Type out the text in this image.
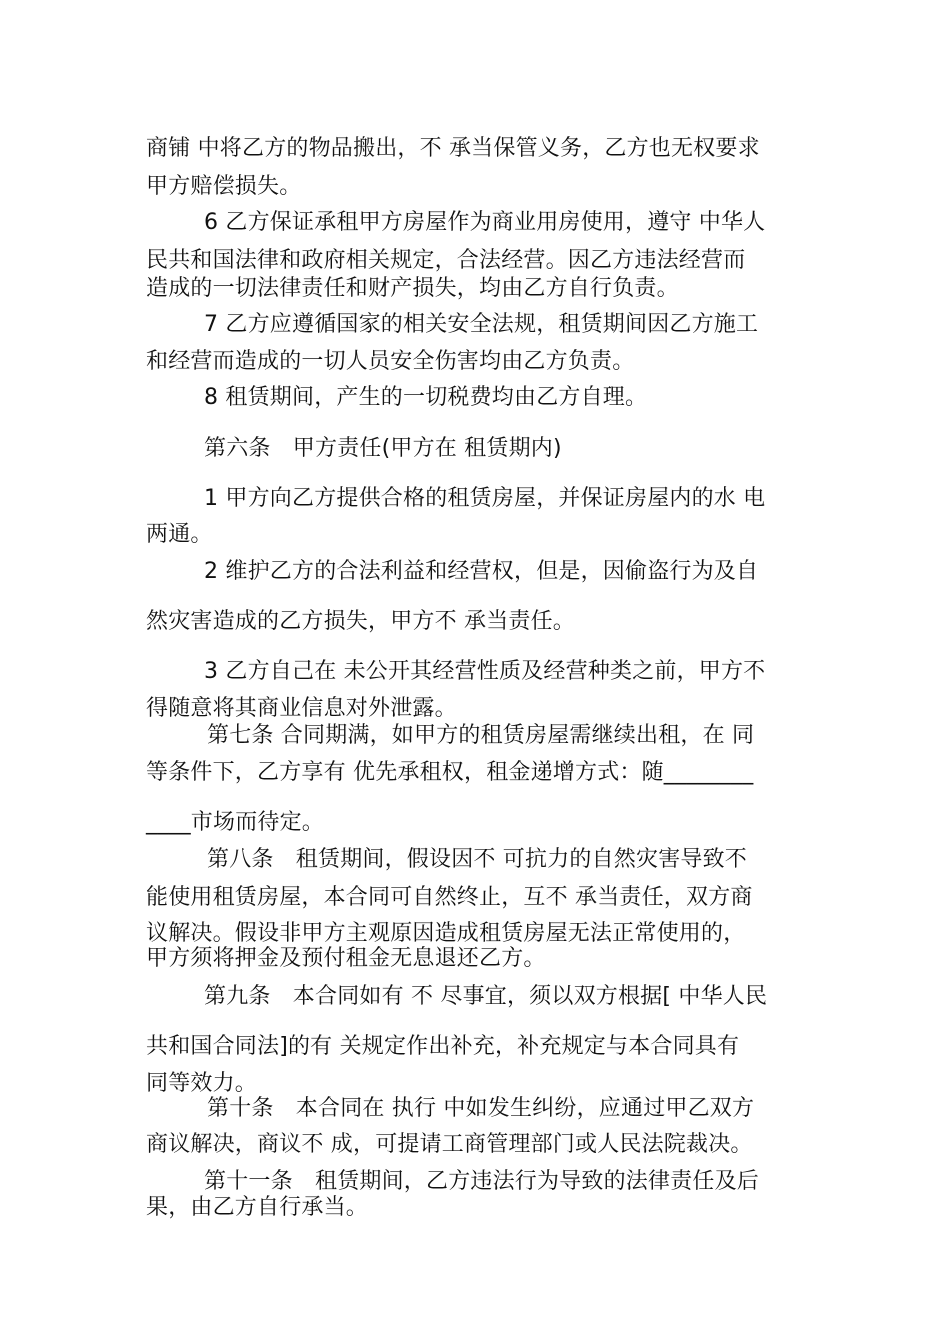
商铺 中将乙方的物品搬出，不 承当保管义务，乙方也无权要求
甲方赔偿损失。
6 乙方保证承租甲方房屋作为商业用房使用，遵守 中华人
民共和国法律和政府相关规定，合法经营。因乙方违法经营而
造成的一切法律责任和财产损失，均由乙方自行负责。
7 乙方应遵循国家的相关安全法规，租赁期间因乙方施工
和经营而造成的一切人员安全伤害均由乙方负责。
8 租赁期间，产生的一切税费均由乙方自理。
第六条　甲方责任(甲方在 租赁期内)
1 甲方向乙方提供合格的租赁房屋，并保证房屋内的水 电
两通。
2 维护乙方的合法利益和经营权，但是，因偷盗行为及自
然灾害造成的乙方损失，甲方不 承当责任。
3 乙方自己在 未公开其经营性质及经营种类之前，甲方不
得随意将其商业信息对外泄露。
第七条 合同期满，如甲方的租赁房屋需继续出租，在 同
等条件下，乙方享有 优先承租权，租金递增方式：随________
____市场而待定。
第八条　租赁期间，假设因不 可抗力的自然灾害导致不
能使用租赁房屋，本合同可自然终止，互不 承当责任，双方商
议解决。假设非甲方主观原因造成租赁房屋无法正常使用的，
甲方须将押金及预付租金无息退还乙方。
第九条　本合同如有 不 尽事宜，须以双方根据[ 中华人民
共和国合同法]的有 关规定作出补充，补充规定与本合同具有
同等效力。
第十条　本合同在 执行 中如发生纠纷，应通过甲乙双方
商议解决，商议不 成，可提请工商管理部门或人民法院裁决。
第十一条　租赁期间，乙方违法行为导致的法律责任及后
果，由乙方自行承当。
